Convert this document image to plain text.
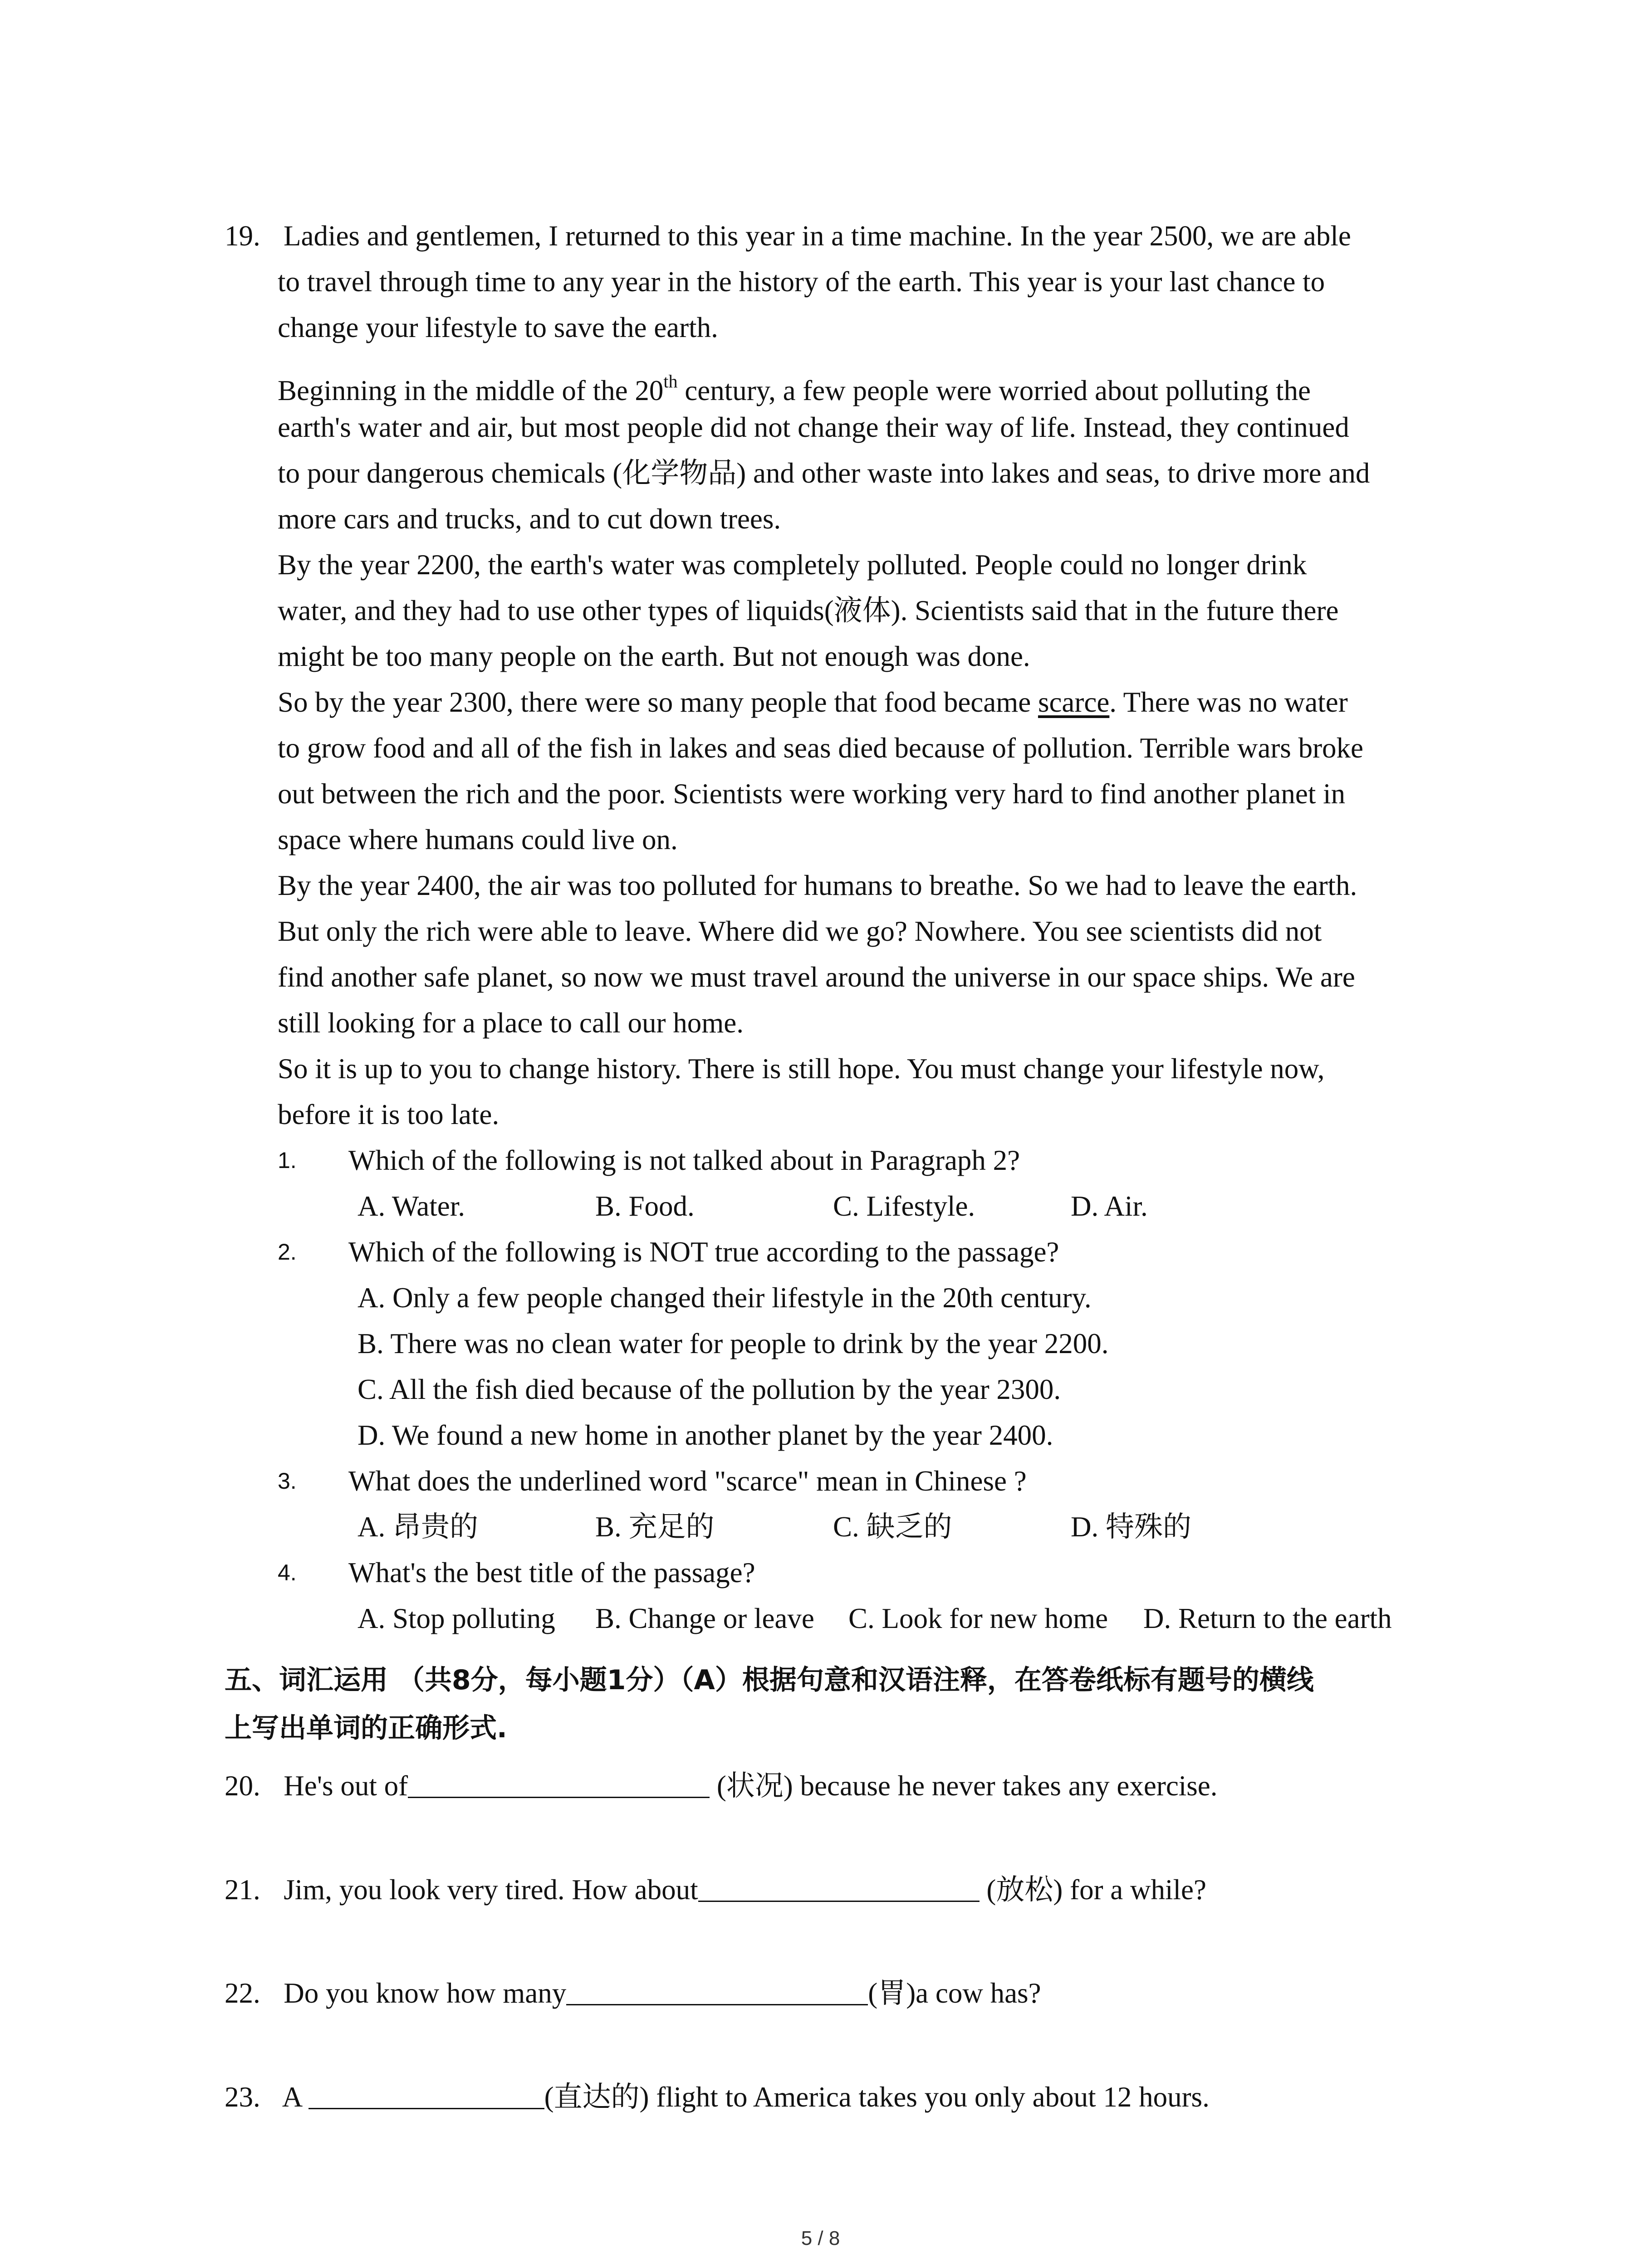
19. Ladies and gentlemen, I returned to this year in a time machine. In the year 2500, we are able
to travel through time to any year in the history of the earth. This year is your last chance to
change your lifestyle to save the earth.
Beginning in the middle of the 20th century, a few people were worried about polluting the
earth's water and air, but most people did not change their way of life. Instead, they continued
to pour dangerous chemicals (化学物品) and other waste into lakes and seas, to drive more and
more cars and trucks, and to cut down trees.
By the year 2200, the earth's water was completely polluted. People could no longer drink
water, and they had to use other types of liquids(液体). Scientists said that in the future there
might be too many people on the earth. But not enough was done.
So by the year 2300, there were so many people that food became scarce. There was no water
to grow food and all of the fish in lakes and seas died because of pollution. Terrible wars broke
out between the rich and the poor. Scientists were working very hard to find another planet in
space where humans could live on.
By the year 2400, the air was too polluted for humans to breathe. So we had to leave the earth.
But only the rich were able to leave. Where did we go? Nowhere. You see scientists did not
find another safe planet, so now we must travel around the universe in our space ships. We are
still looking for a place to call our home.
So it is up to you to change history. There is still hope. You must change your lifestyle now,
before it is too late.
1. Which of the following is not talked about in Paragraph 2?
A. Water.	B. Food.	C. Lifestyle.	D. Air.
2. Which of the following is NOT true according to the passage?
A. Only a few people changed their lifestyle in the 20th century.
B. There was no clean water for people to drink by the year 2200.
C. All the fish died because of the pollution by the year 2300.
D. We found a new home in another planet by the year 2400.
3. What does the underlined word "scarce" mean in Chinese ?
A. 昂贵的	B. 充足的	C. 缺乏的	D. 特殊的
4. What's the best title of the passage?
A. Stop polluting B. Change or leave C. Look for new home D. Return to the earth
五、词汇运用 （共8分，每小题1分）（A）根据句意和汉语注释，在答卷纸标有题号的横线
上写出单词的正确形式.
20. He's out of	(状况) because he never takes any exercise.
21. Jim, you look very tired. How about	(放松) for a while?
22. Do you know how many	(胃)a cow has?
23. A	(直达的) flight to America takes you only about 12 hours.
5 / 8
